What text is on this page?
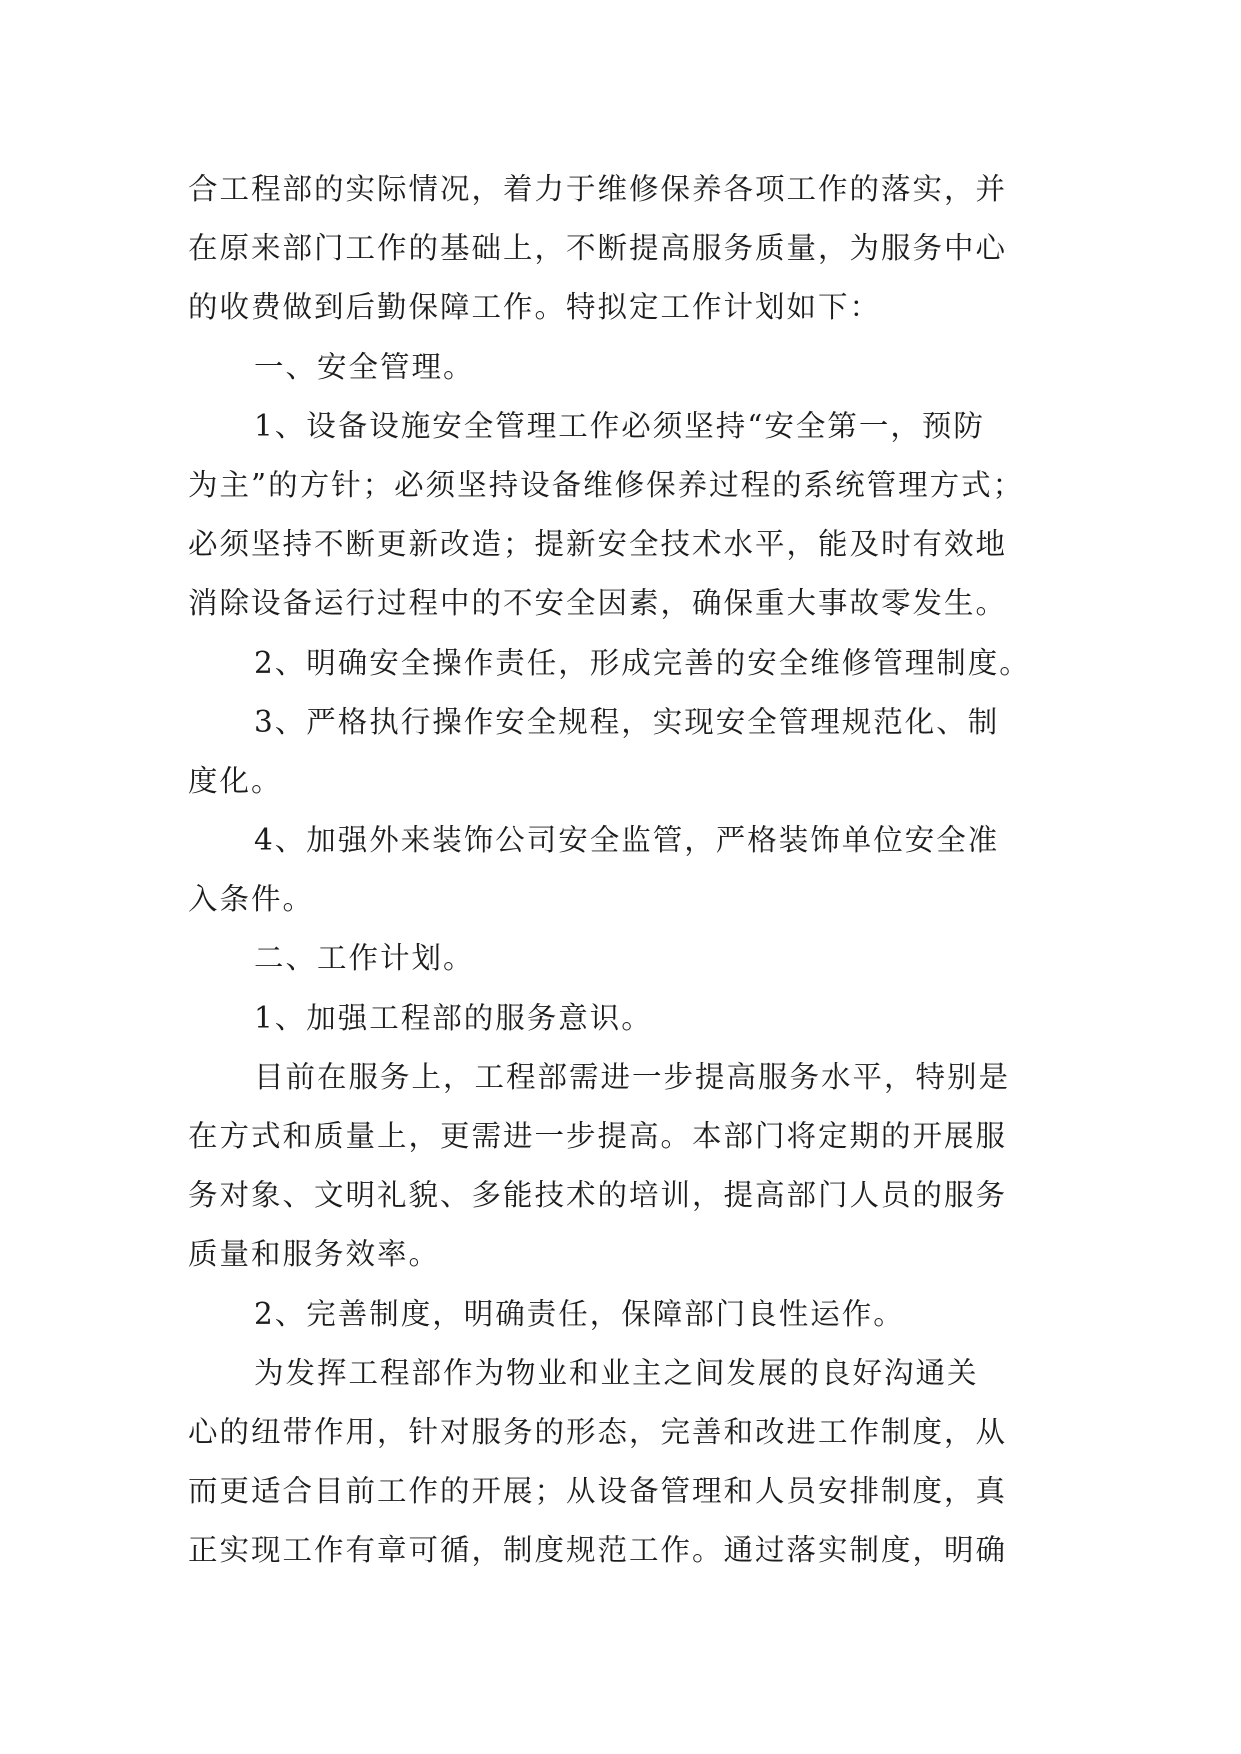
合工程部的实际情况，着力于维修保养各项工作的落实，并
在原来部门工作的基础上，不断提高服务质量，为服务中心
的收费做到后勤保障工作。特拟定工作计划如下：
一、安全管理。
1、设备设施安全管理工作必须坚持“安全第一，预防
为主”的方针；必须坚持设备维修保养过程的系统管理方式；
必须坚持不断更新改造；提新安全技术水平，能及时有效地
消除设备运行过程中的不安全因素，确保重大事故零发生。
2、明确安全操作责任，形成完善的安全维修管理制度。
3、严格执行操作安全规程，实现安全管理规范化、制
度化。
4、加强外来装饰公司安全监管，严格装饰单位安全准
入条件。
二、工作计划。
1、加强工程部的服务意识。
目前在服务上，工程部需进一步提高服务水平，特别是
在方式和质量上，更需进一步提高。本部门将定期的开展服
务对象、文明礼貌、多能技术的培训，提高部门人员的服务
质量和服务效率。
2、完善制度，明确责任，保障部门良性运作。
为发挥工程部作为物业和业主之间发展的良好沟通关
心的纽带作用，针对服务的形态，完善和改进工作制度，从
而更适合目前工作的开展；从设备管理和人员安排制度，真
正实现工作有章可循，制度规范工作。通过落实制度，明确
